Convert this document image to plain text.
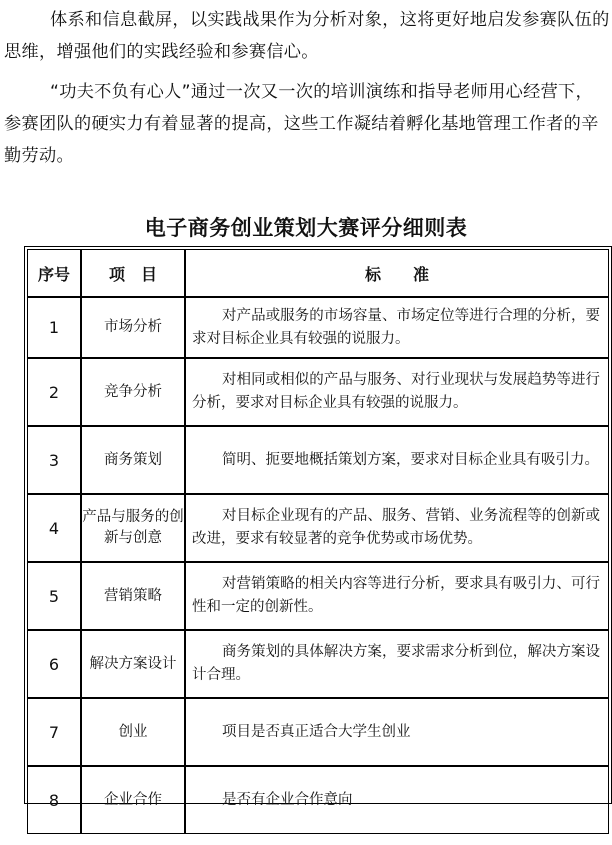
体系和信息截屏，以实践战果作为分析对象，这将更好地启发参赛队伍的思维，增强他们的实践经验和参赛信心。

“功夫不负有心人”通过一次又一次的培训演练和指导老师用心经营下，参赛团队的硬实力有着显著的提高，这些工作凝结着孵化基地管理工作者的辛勤劳动。

电子商务创业策划大赛评分细则表
序号	项　目	标　　准
1	市场分析	对产品或服务的市场容量、市场定位等进行合理的分析，要求对目标企业具有较强的说服力。

2	竞争分析	对相同或相似的产品与服务、对行业现状与发展趋势等进行分析，要求对目标企业具有较强的说服力。

3	商务策划	简明、扼要地概括策划方案，要求对目标企业具有吸引力。

4	产品与服务的创新与创意	对目标企业现有的产品、服务、营销、业务流程等的创新或改进，要求有较显著的竞争优势或市场优势。

5	营销策略	对营销策略的相关内容等进行分析，要求具有吸引力、可行性和一定的创新性。

6	解决方案设计	商务策划的具体解决方案，要求需求分析到位，解决方案设计合理。

7	创业	项目是否真正适合大学生创业

8	企业合作	是否有企业合作意向
